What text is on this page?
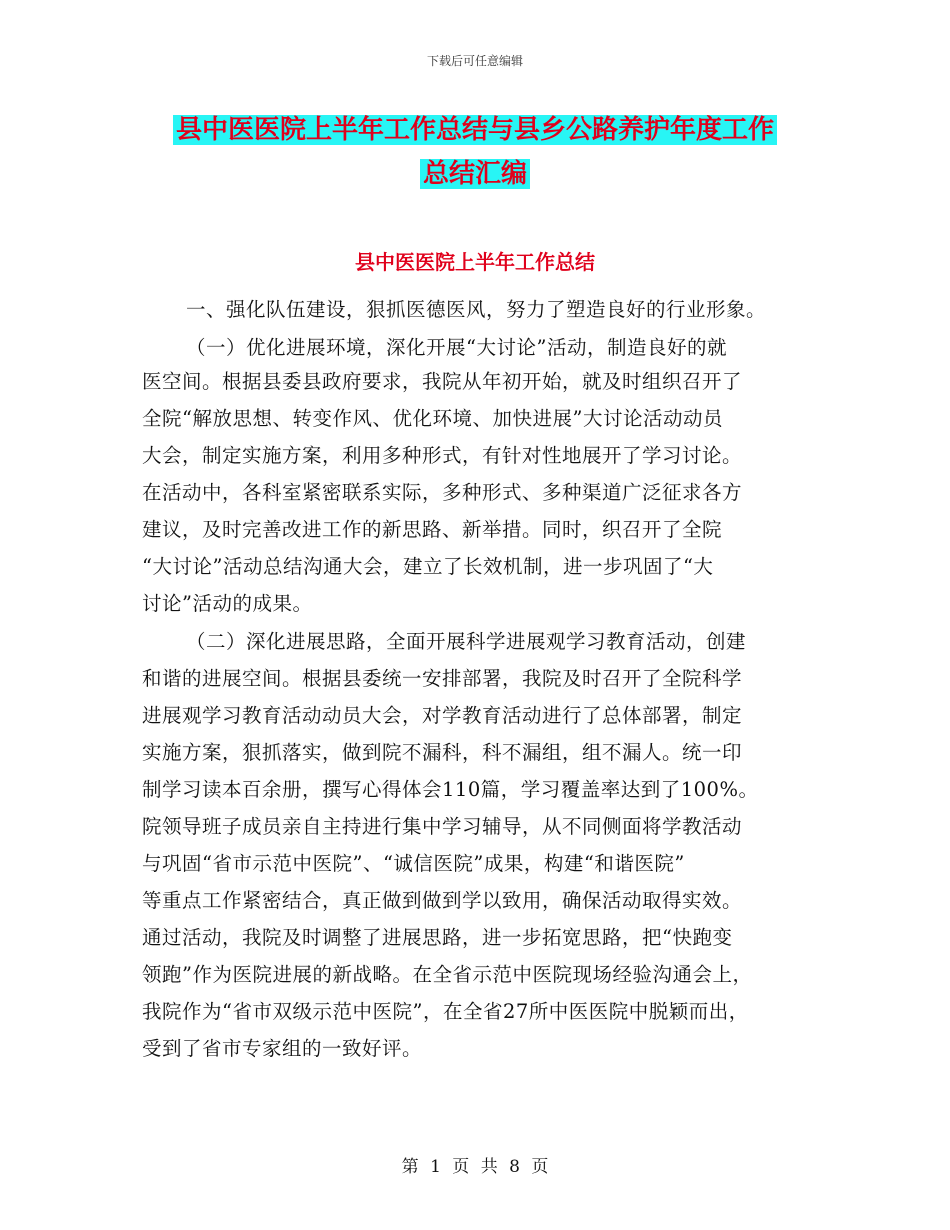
下载后可任意编辑
县中医医院上半年工作总结与县乡公路养护年度工作
总结汇编
县中医医院上半年工作总结
一、强化队伍建设，狠抓医德医风，努力了塑造良好的行业形象。
（一）优化进展环境，深化开展“大讨论”活动，制造良好的就
医空间。根据县委县政府要求，我院从年初开始，就及时组织召开了
全院“解放思想、转变作风、优化环境、加快进展”大讨论活动动员
大会，制定实施方案，利用多种形式，有针对性地展开了学习讨论。
在活动中，各科室紧密联系实际，多种形式、多种渠道广泛征求各方
建议，及时完善改进工作的新思路、新举措。同时，织召开了全院
“大讨论”活动总结沟通大会，建立了长效机制，进一步巩固了“大
讨论”活动的成果。
（二）深化进展思路，全面开展科学进展观学习教育活动，创建
和谐的进展空间。根据县委统一安排部署，我院及时召开了全院科学
进展观学习教育活动动员大会，对学教育活动进行了总体部署，制定
实施方案，狠抓落实，做到院不漏科，科不漏组，组不漏人。统一印
制学习读本百余册，撰写心得体会110篇，学习覆盖率达到了100%。
院领导班子成员亲自主持进行集中学习辅导，从不同侧面将学教活动
与巩固“省市示范中医院”、“诚信医院”成果，构建“和谐医院”
等重点工作紧密结合，真正做到做到学以致用，确保活动取得实效。
通过活动，我院及时调整了进展思路，进一步拓宽思路，把“快跑变
领跑”作为医院进展的新战略。在全省示范中医院现场经验沟通会上，
我院作为“省市双级示范中医院”，在全省27所中医医院中脱颖而出，
受到了省市专家组的一致好评。
第 1 页 共 8 页
